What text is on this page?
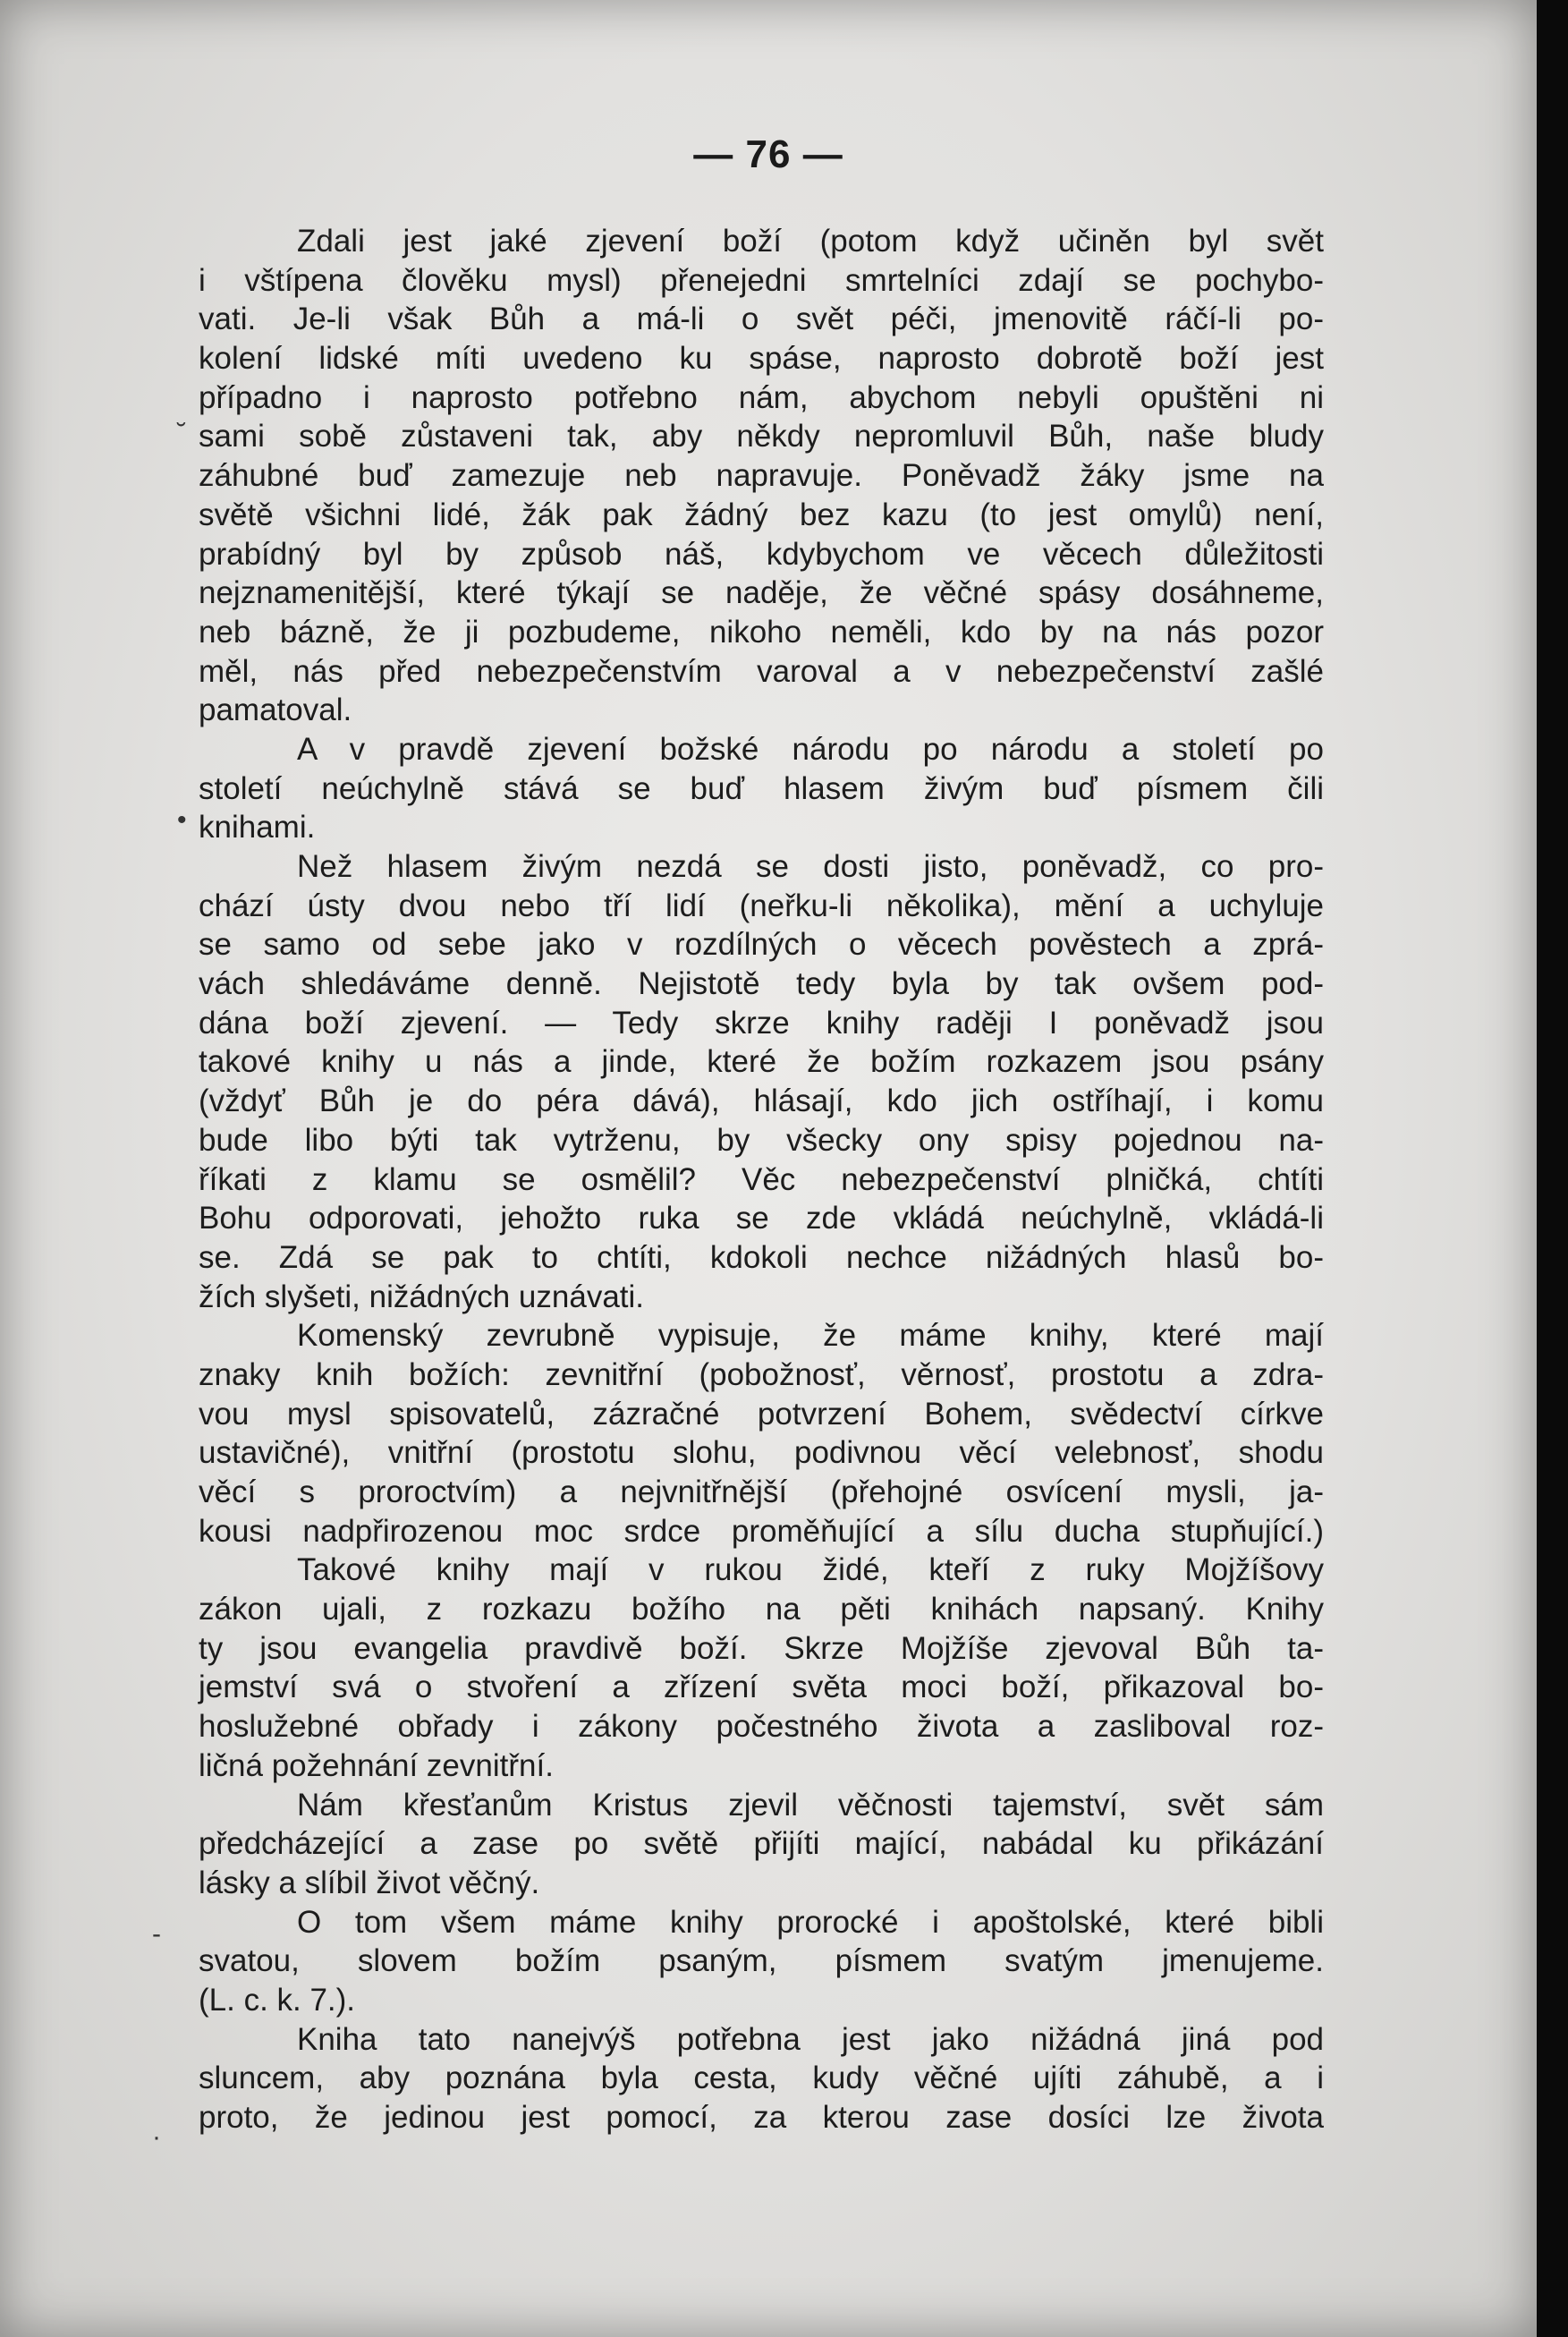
— 76 —
Zdali jest jaké zjevení boží (potom když učiněn byl svět
i vštípena člověku mysl) přenejedni smrtelníci zdají se pochybo-
vati. Je-li však Bůh a má-li o svět péči, jmenovitě ráčí-li po-
kolení lidské míti uvedeno ku spáse, naprosto dobrotě boží jest
případno i naprosto potřebno nám, abychom nebyli opuštěni ni
sami sobě zůstaveni tak, aby někdy nepromluvil Bůh, naše bludy
záhubné buď zamezuje neb napravuje. Poněvadž žáky jsme na
světě všichni lidé, žák pak žádný bez kazu (to jest omylů) není,
prabídný byl by způsob náš, kdybychom ve věcech důležitosti
nejznamenitější, které týkají se naděje, že věčné spásy dosáhneme,
neb bázně, že ji pozbudeme, nikoho neměli, kdo by na nás pozor
měl, nás před nebezpečenstvím varoval a v nebezpečenství zašlé
pamatoval.
A v pravdě zjevení božské národu po národu a století po
století neúchylně stává se buď hlasem živým buď písmem čili
knihami.
Než hlasem živým nezdá se dosti jisto, poněvadž, co pro-
chází ústy dvou nebo tří lidí (neřku-li několika), mění a uchyluje
se samo od sebe jako v rozdílných o věcech pověstech a zprá-
vách shledáváme denně. Nejistotě tedy byla by tak ovšem pod-
dána boží zjevení. — Tedy skrze knihy raději I poněvadž jsou
takové knihy u nás a jinde, které že božím rozkazem jsou psány
(vždyť Bůh je do péra dává), hlásají, kdo jich ostříhají, i komu
bude libo býti tak vytrženu, by všecky ony spisy pojednou na-
říkati z klamu se osmělil? Věc nebezpečenství plničká, chtíti
Bohu odporovati, jehožto ruka se zde vkládá neúchylně, vkládá-li
se. Zdá se pak to chtíti, kdokoli nechce nižádných hlasů bo-
žích slyšeti, nižádných uznávati.
Komenský zevrubně vypisuje, že máme knihy, které mají
znaky knih božích: zevnitřní (pobožnosť, věrnosť, prostotu a zdra-
vou mysl spisovatelů, zázračné potvrzení Bohem, svědectví církve
ustavičné), vnitřní (prostotu slohu, podivnou věcí velebnosť, shodu
věcí s proroctvím) a nejvnitřnější (přehojné osvícení mysli, ja-
kousi nadpřirozenou moc srdce proměňující a sílu ducha stupňující.)
Takové knihy mají v rukou židé, kteří z ruky Mojžíšovy
zákon ujali, z rozkazu božího na pěti knihách napsaný. Knihy
ty jsou evangelia pravdivě boží. Skrze Mojžíše zjevoval Bůh ta-
jemství svá o stvoření a zřízení světa moci boží, přikazoval bo-
hoslužebné obřady i zákony počestného života a zasliboval roz-
ličná požehnání zevnitřní.
Nám křesťanům Kristus zjevil věčnosti tajemství, svět sám
předcházející a zase po světě přijíti mající, nabádal ku přikázání
lásky a slíbil život věčný.
O tom všem máme knihy prorocké i apoštolské, které bibli
svatou, slovem božím psaným, písmem svatým jmenujeme.
(L. c. k. 7.).
Kniha tato nanejvýš potřebna jest jako nižádná jiná pod
sluncem, aby poznána byla cesta, kudy věčné ujíti záhubě, a i
proto, že jedinou jest pomocí, za kterou zase dosíci lze života
˘
•
-
·
